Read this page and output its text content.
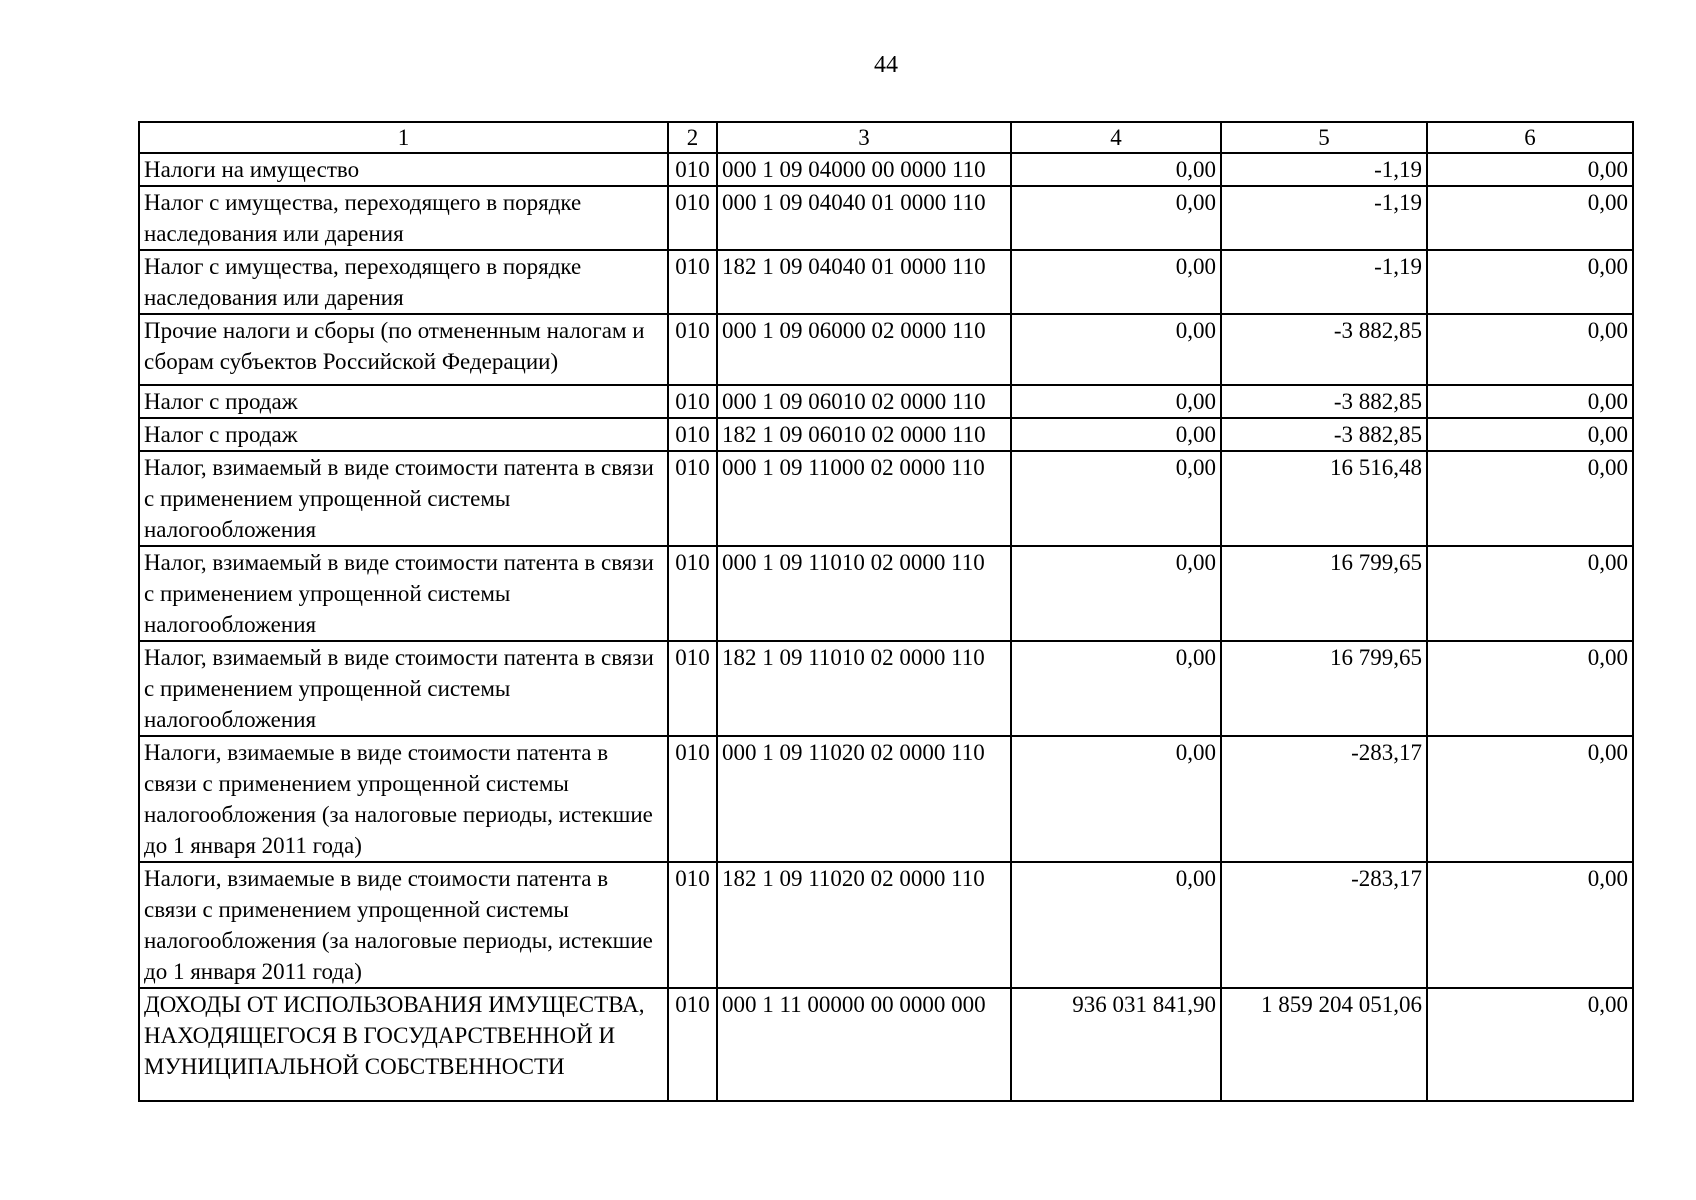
44
1	2	3	4	5	6
Налоги на имущество	010	000 1 09 04000 00 0000 110	0,00	-1,19	0,00
Налог с имущества, переходящего в порядке наследования или дарения	010	000 1 09 04040 01 0000 110	0,00	-1,19	0,00
Налог с имущества, переходящего в порядке наследования или дарения	010	182 1 09 04040 01 0000 110	0,00	-1,19	0,00
Прочие налоги и сборы (по отмененным налогам и сборам субъектов Российской Федерации)	010	000 1 09 06000 02 0000 110	0,00	-3 882,85	0,00
Налог с продаж	010	000 1 09 06010 02 0000 110	0,00	-3 882,85	0,00
Налог с продаж	010	182 1 09 06010 02 0000 110	0,00	-3 882,85	0,00
Налог, взимаемый в виде стоимости патента в связи с применением упрощенной системы налогообложения	010	000 1 09 11000 02 0000 110	0,00	16 516,48	0,00
Налог, взимаемый в виде стоимости патента в связи с применением упрощенной системы налогообложения	010	000 1 09 11010 02 0000 110	0,00	16 799,65	0,00
Налог, взимаемый в виде стоимости патента в связи с применением упрощенной системы налогообложения	010	182 1 09 11010 02 0000 110	0,00	16 799,65	0,00
Налоги, взимаемые в виде стоимости патента в связи с применением упрощенной системы налогообложения (за налоговые периоды, истекшие до 1 января 2011 года)	010	000 1 09 11020 02 0000 110	0,00	-283,17	0,00
Налоги, взимаемые в виде стоимости патента в связи с применением упрощенной системы налогообложения (за налоговые периоды, истекшие до 1 января 2011 года)	010	182 1 09 11020 02 0000 110	0,00	-283,17	0,00
ДОХОДЫ ОТ ИСПОЛЬЗОВАНИЯ ИМУЩЕСТВА, НАХОДЯЩЕГОСЯ В ГОСУДАРСТВЕННОЙ И МУНИЦИПАЛЬНОЙ СОБСТВЕННОСТИ	010	000 1 11 00000 00 0000 000	936 031 841,90	1 859 204 051,06	0,00
